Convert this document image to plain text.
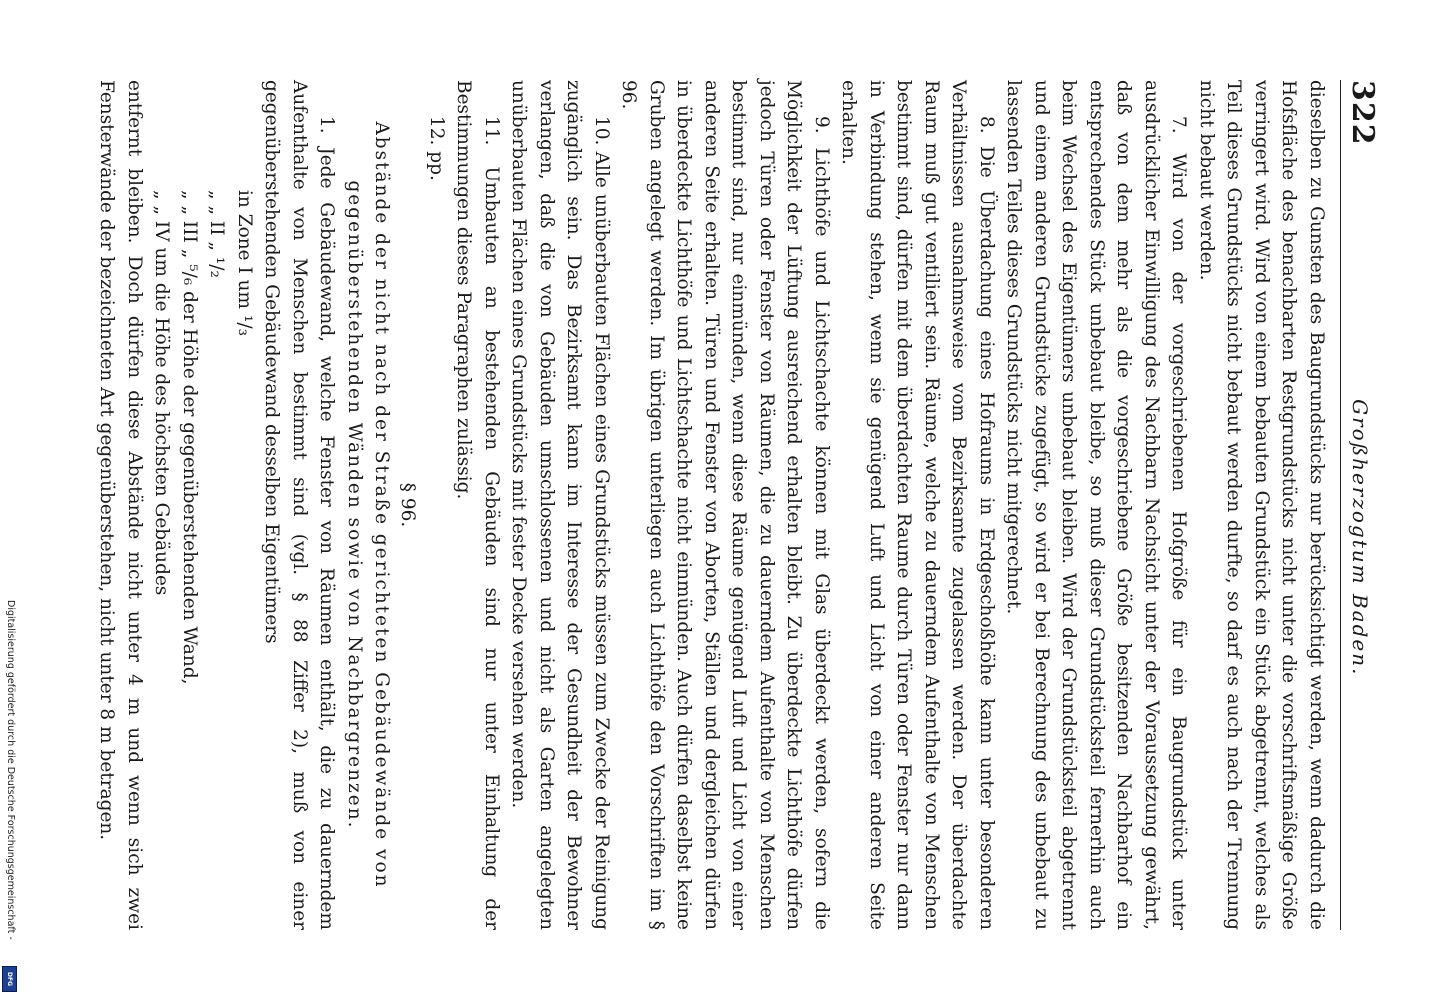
322
Großherzogtum Baden.

dieselben zu Gunsten des Baugrundstücks nur berücksichtigt werden, wenn dadurch die Hofsfläche des benachbarten Restgrundstücks nicht unter die vorschriftsmäßige Größe verringert wird. Wird von einem bebauten Grundstück ein Stück abgetrennt, welches als Teil dieses Grundstücks nicht bebaut werden durfte, so darf es auch nach der Trennung nicht bebaut werden.

7. Wird von der vorgeschriebenen Hofgröße für ein Baugrundstück unter ausdrücklicher Einwilligung des Nachbarn Nachsicht unter der Voraussetzung gewährt, daß von dem mehr als die vorgeschriebene Größe besitzenden Nachbarhof ein entsprechendes Stück unbebaut bleibe, so muß dieser Grundstücksteil fernerhin auch beim Wechsel des Eigentümers unbebaut bleiben. Wird der Grundstücksteil abgetrennt und einem anderen Grundstücke zugefügt, so wird er bei Berechnung des unbebaut zu lassenden Teiles dieses Grundstücks nicht mitgerechnet.

8. Die Überdachung eines Hofraums in Erdgeschoßhöhe kann unter besonderen Verhältnissen ausnahmsweise vom Bezirksamte zugelassen werden. Der überdachte Raum muß gut ventiliert sein. Räume, welche zu dauerndem Aufenthalte von Menschen bestimmt sind, dürfen mit dem überdachten Raume durch Türen oder Fenster nur dann in Verbindung stehen, wenn sie genügend Luft und Licht von einer anderen Seite erhalten.

9. Lichthöfe und Lichtschachte können mit Glas überdeckt werden, sofern die Möglichkeit der Lüftung ausreichend erhalten bleibt. Zu überdeckte Lichthöfe dürfen jedoch Türen oder Fenster von Räumen, die zu dauerndem Aufenthalte von Menschen bestimmt sind, nur einmünden, wenn diese Räume genügend Luft und Licht von einer anderen Seite erhalten. Türen und Fenster von Aborten, Ställen und dergleichen dürfen in überdeckte Lichthöfe und Lichtschachte nicht einmünden. Auch dürfen daselbst keine Gruben angelegt werden. Im übrigen unterliegen auch Lichthöfe den Vorschriften im § 96.

10. Alle unüberbauten Flächen eines Grundstücks müssen zum Zwecke der Reinigung zugänglich sein. Das Bezirksamt kann im Interesse der Gesundheit der Bewohner verlangen, daß die von Gebäuden umschlossenen und nicht als Garten angelegten unüberbauten Flächen eines Grundstücks mit fester Decke versehen werden.

11. Umbauten an bestehenden Gebäuden sind nur unter Einhaltung der Bestimmungen dieses Paragraphen zulässig.

12. pp.

§ 96.

Abstände der nicht nach der Straße gerichteten Gebäudewände von gegenüberstehenden Wänden sowie von Nachbargrenzen.

1. Jede Gebäudewand, welche Fenster von Räumen enthält, die zu dauerndem Aufenthalte von Menschen bestimmt sind (vgl. § 88 Ziffer 2), muß von einer gegenüberstehenden Gebäudewand desselben Eigentümers

in Zone I um ¹/₃

„ „ II „ ¹/₂

„ „ III „ ⁵/₆ der Höhe der gegenüberstehenden Wand,

„ „ IV um die Höhe des höchsten Gebäudes

entfernt bleiben. Doch dürfen diese Abstände nicht unter 4 m und wenn sich zwei Fensterwände der bezeichneten Art gegenüberstehen, nicht unter 8 m betragen.

Digitalisierung gefördert durch die Deutsche Forschungsgemeinschaft -
DFG
